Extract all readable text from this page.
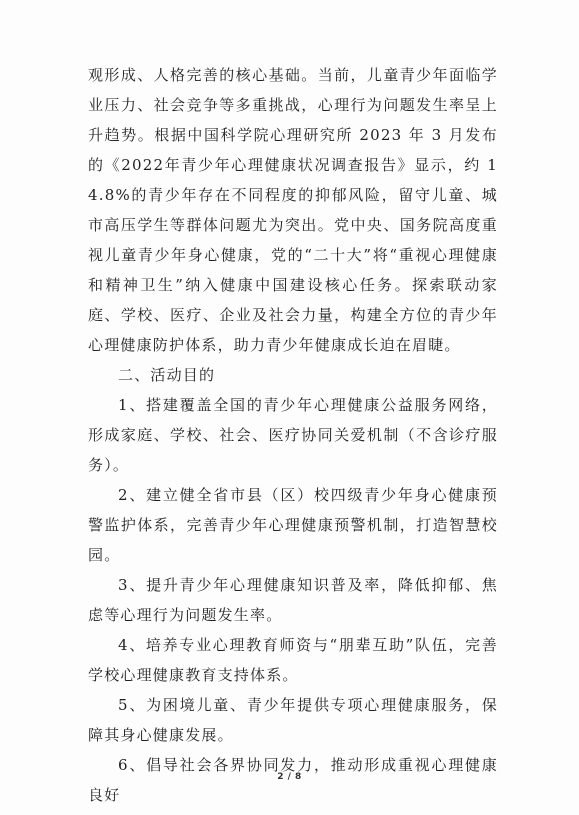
观形成、人格完善的核心基础。当前，儿童青少年面临学业压力、社会竞争等多重挑战，心理行为问题发生率呈上升趋势。根据中国科学院心理研究所 2023 年 3 月发布的《2022年青少年心理健康状况调查报告》显示，约 14.8%的青少年存在不同程度的抑郁风险，留守儿童、城市高压学生等群体问题尤为突出。党中央、国务院高度重视儿童青少年身心健康，党的“二十大”将“重视心理健康和精神卫生”纳入健康中国建设核心任务。探索联动家庭、学校、医疗、企业及社会力量，构建全方位的青少年心理健康防护体系，助力青少年健康成长迫在眉睫。

二、活动目的

1、搭建覆盖全国的青少年心理健康公益服务网络，形成家庭、学校、社会、医疗协同关爱机制（不含诊疗服务）。

2、建立健全省市县（区）校四级青少年身心健康预警监护体系，完善青少年心理健康预警机制，打造智慧校园。

3、提升青少年心理健康知识普及率，降低抑郁、焦虑等心理行为问题发生率。

4、培养专业心理教育师资与“朋辈互助”队伍，完善学校心理健康教育支持体系。

5、为困境儿童、青少年提供专项心理健康服务，保障其身心健康发展。

6、倡导社会各界协同发力，推动形成重视心理健康良好

2 / 8
